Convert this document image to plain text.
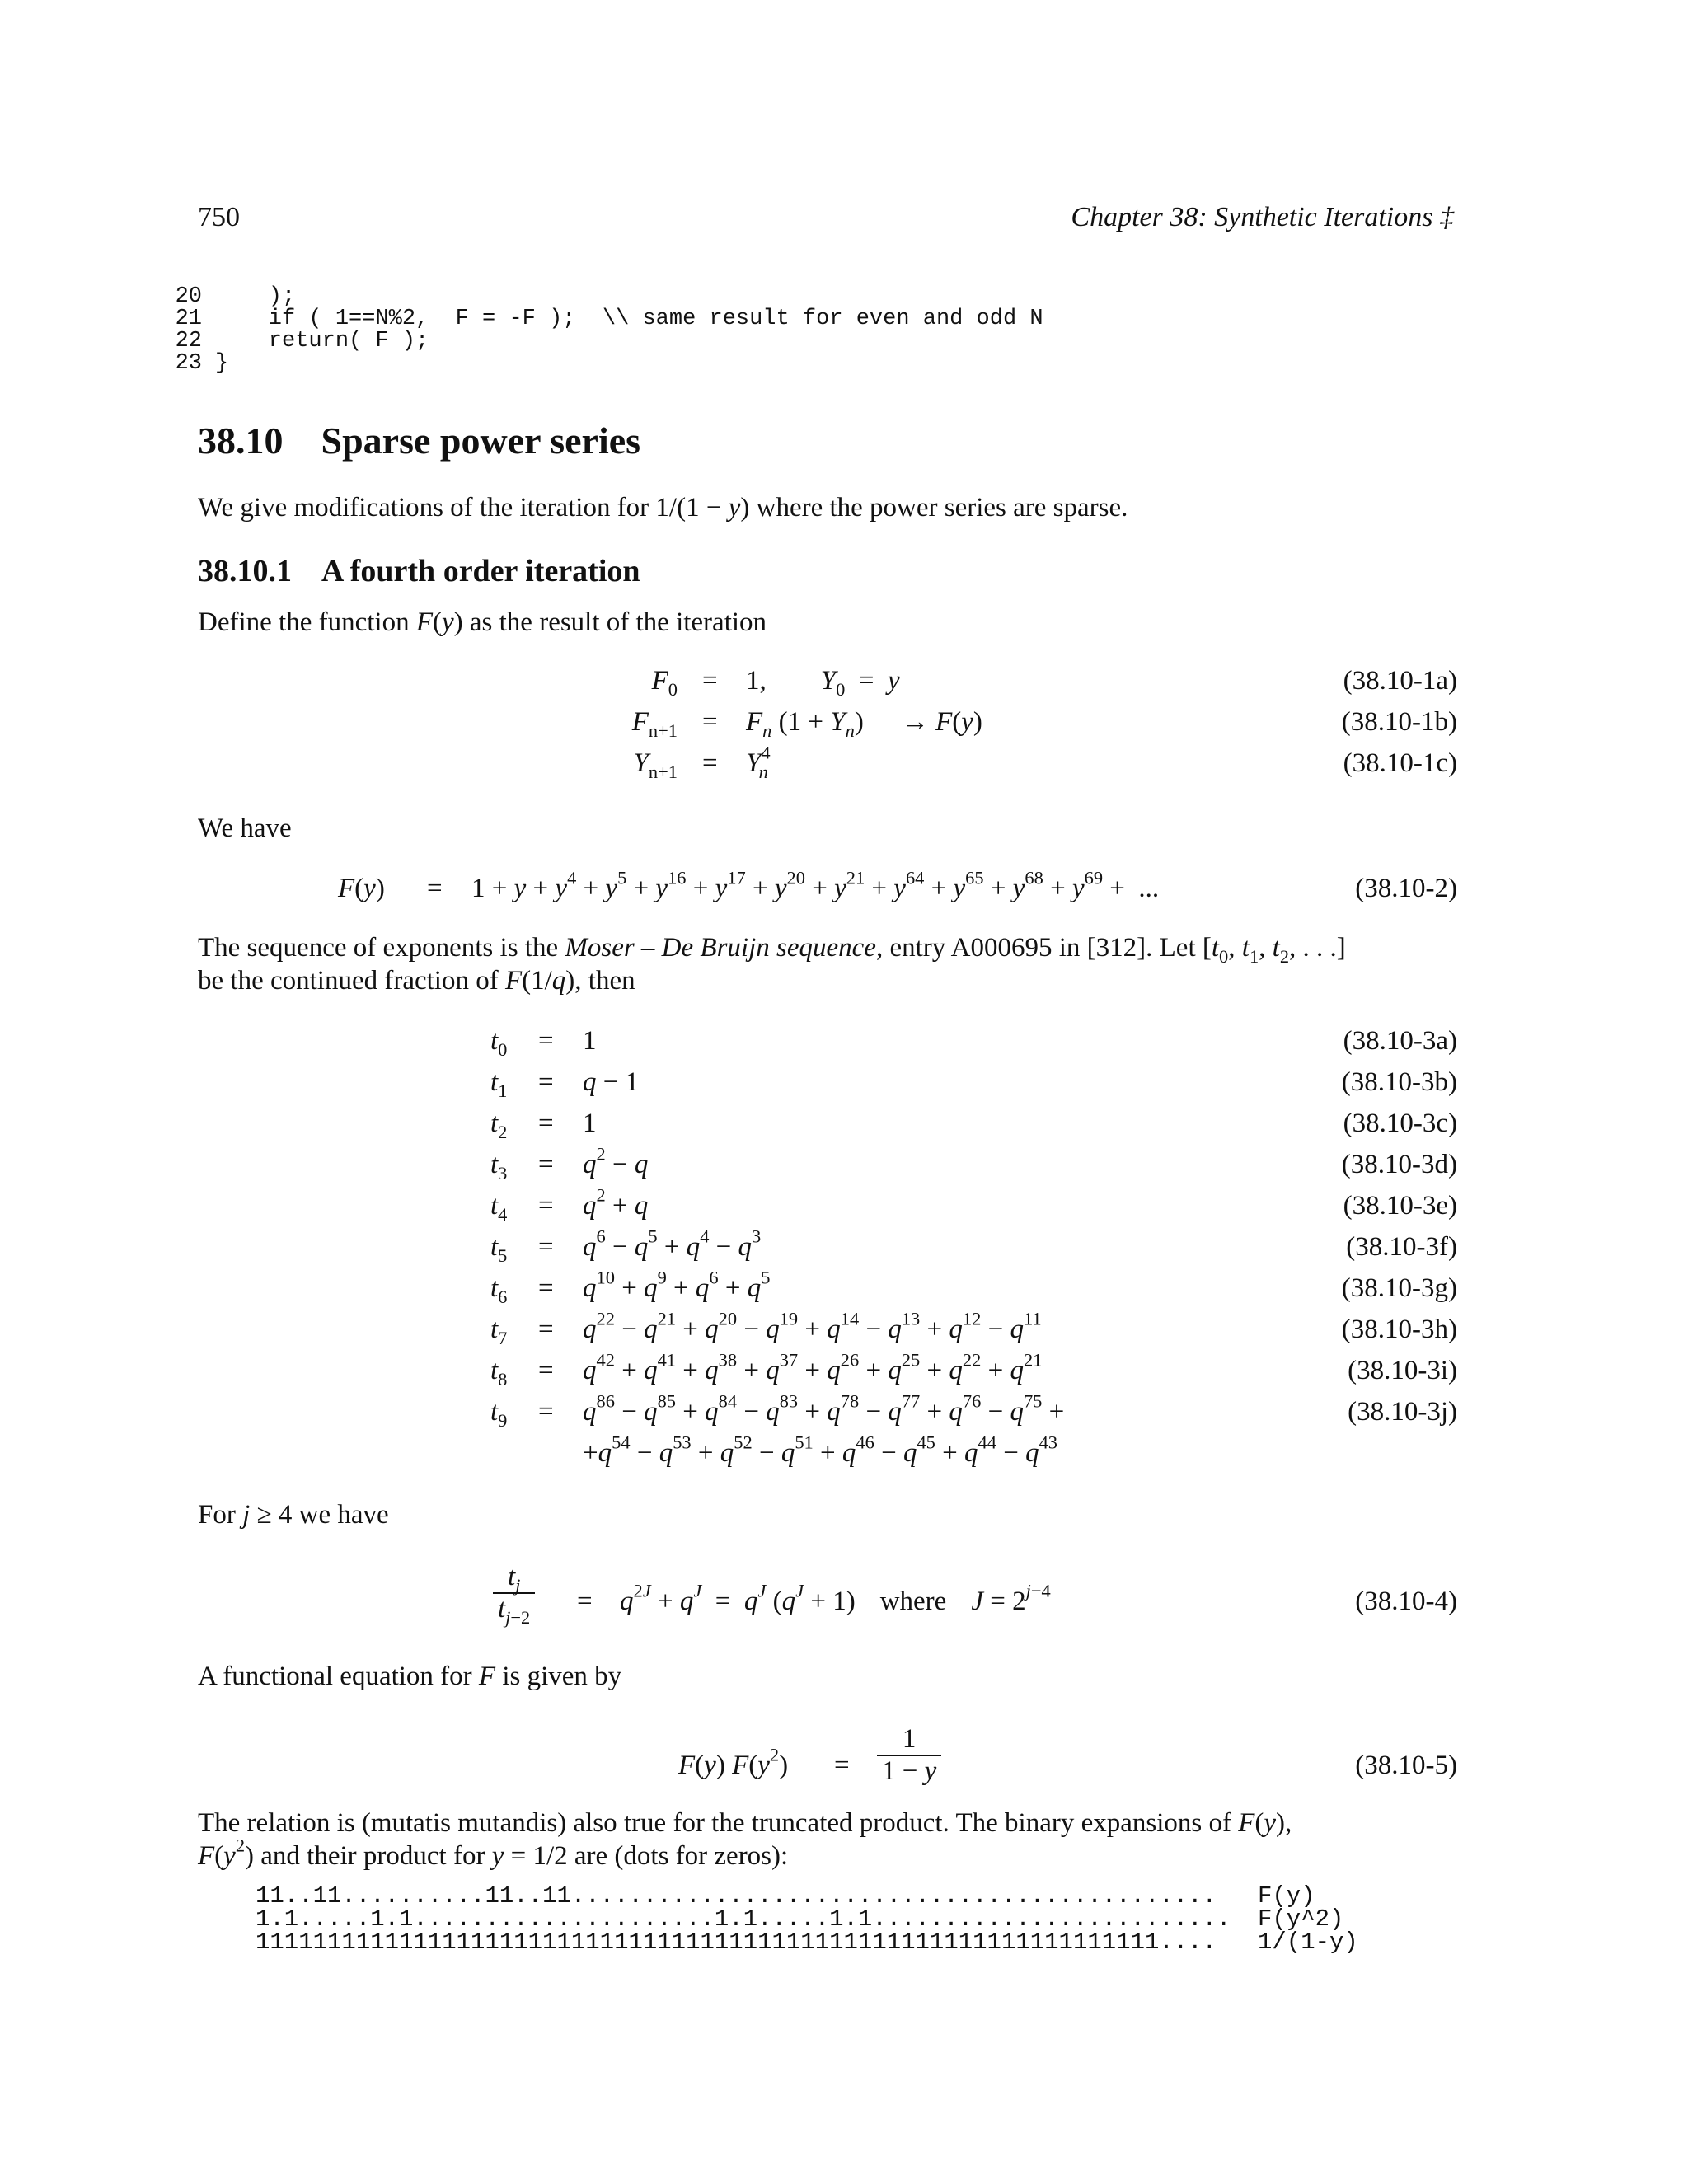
750	Chapter 38: Synthetic Iterations ‡
20    );
21    if ( 1==N%2,  F = -F );  \\ same result for even and odd N
22    return( F );
23 }
38.10 Sparse power series
We give modifications of the iteration for 1/(1 − y) where the power series are sparse.
38.10.1 A fourth order iteration
Define the function F(y) as the result of the iteration
$F_0 = 1$, $Y_0 = y$	(38.10-1a)
$F_{n+1} = F_n$ $(1 + Y_n) \to F(y)$	(38.10-1b)
$Y_{n+1} = Y^4_n$	(38.10-1c)
We have
$F(y) = 1 + y + y^4 + y^5 + y^{16} + y^{17} + y^{20} + y^{21} + y^{64} + y^{65} + y^{68} + y^{69}$ +  ...	(38.10-2)
The sequence of exponents is the Moser – De Bruijn sequence, entry A000695 in [312]. Let [$t_0$, $t_1$, $t_2$, . . .]
be the continued fraction of F(1/q), then
$t_0 = 1$	(38.10-3a)
$t_1 = q - 1$	(38.10-3b)
$t_2 = 1$	(38.10-3c)
$t_3 = q^2 - q$	(38.10-3d)
$t_4 = q^2 + q$	(38.10-3e)
$t_5 = q^6 - q^5 + q^4 - q^3$	(38.10-3f)
$t_6 = q^{10} + q^9 + q^6 + q^5$	(38.10-3g)
$t_7 = q^{22} - q^{21} + q^{20} - q^{19} + q^{14} - q^{13} + q^{12} - q^{11}$	(38.10-3h)
$t_8 = q^{42} + q^{41} + q^{38} + q^{37} + q^{26} + q^{25} + q^{22} + q^{21}$	(38.10-3i)
$t_9 = q^{86} - q^{85} + q^{84} - q^{83} + q^{78} - q^{77} + q^{76} - q^{75}$ +	(38.10-3j)
$+q^{54} - q^{53} + q^{52} - q^{51} + q^{46} - q^{45} + q^{44} - q^{43}$
For j ≥ 4 we have
$\frac{t_j}{t_{j-2}} = q^{2J} + q^J = q^J$ $(q^J + 1)$ where $J = 2^{j-4}$	(38.10-4)
A functional equation for F is given by
F(y) $F(y^2) = \frac{1}{1 - y}$	(38.10-5)
The relation is (mutatis mutandis) also true for the truncated product. The binary expansions of F(y),
$F(y^2)$ and their product for y = 1/2 are (dots for zeros):
11..11..........11..11............................................. F(y)
1.1.....1.1.....................1.1.....1.1......................... F(y^2)
111111111111111111111111111111111111111111111111111111111111111.... 1/(1-y)
